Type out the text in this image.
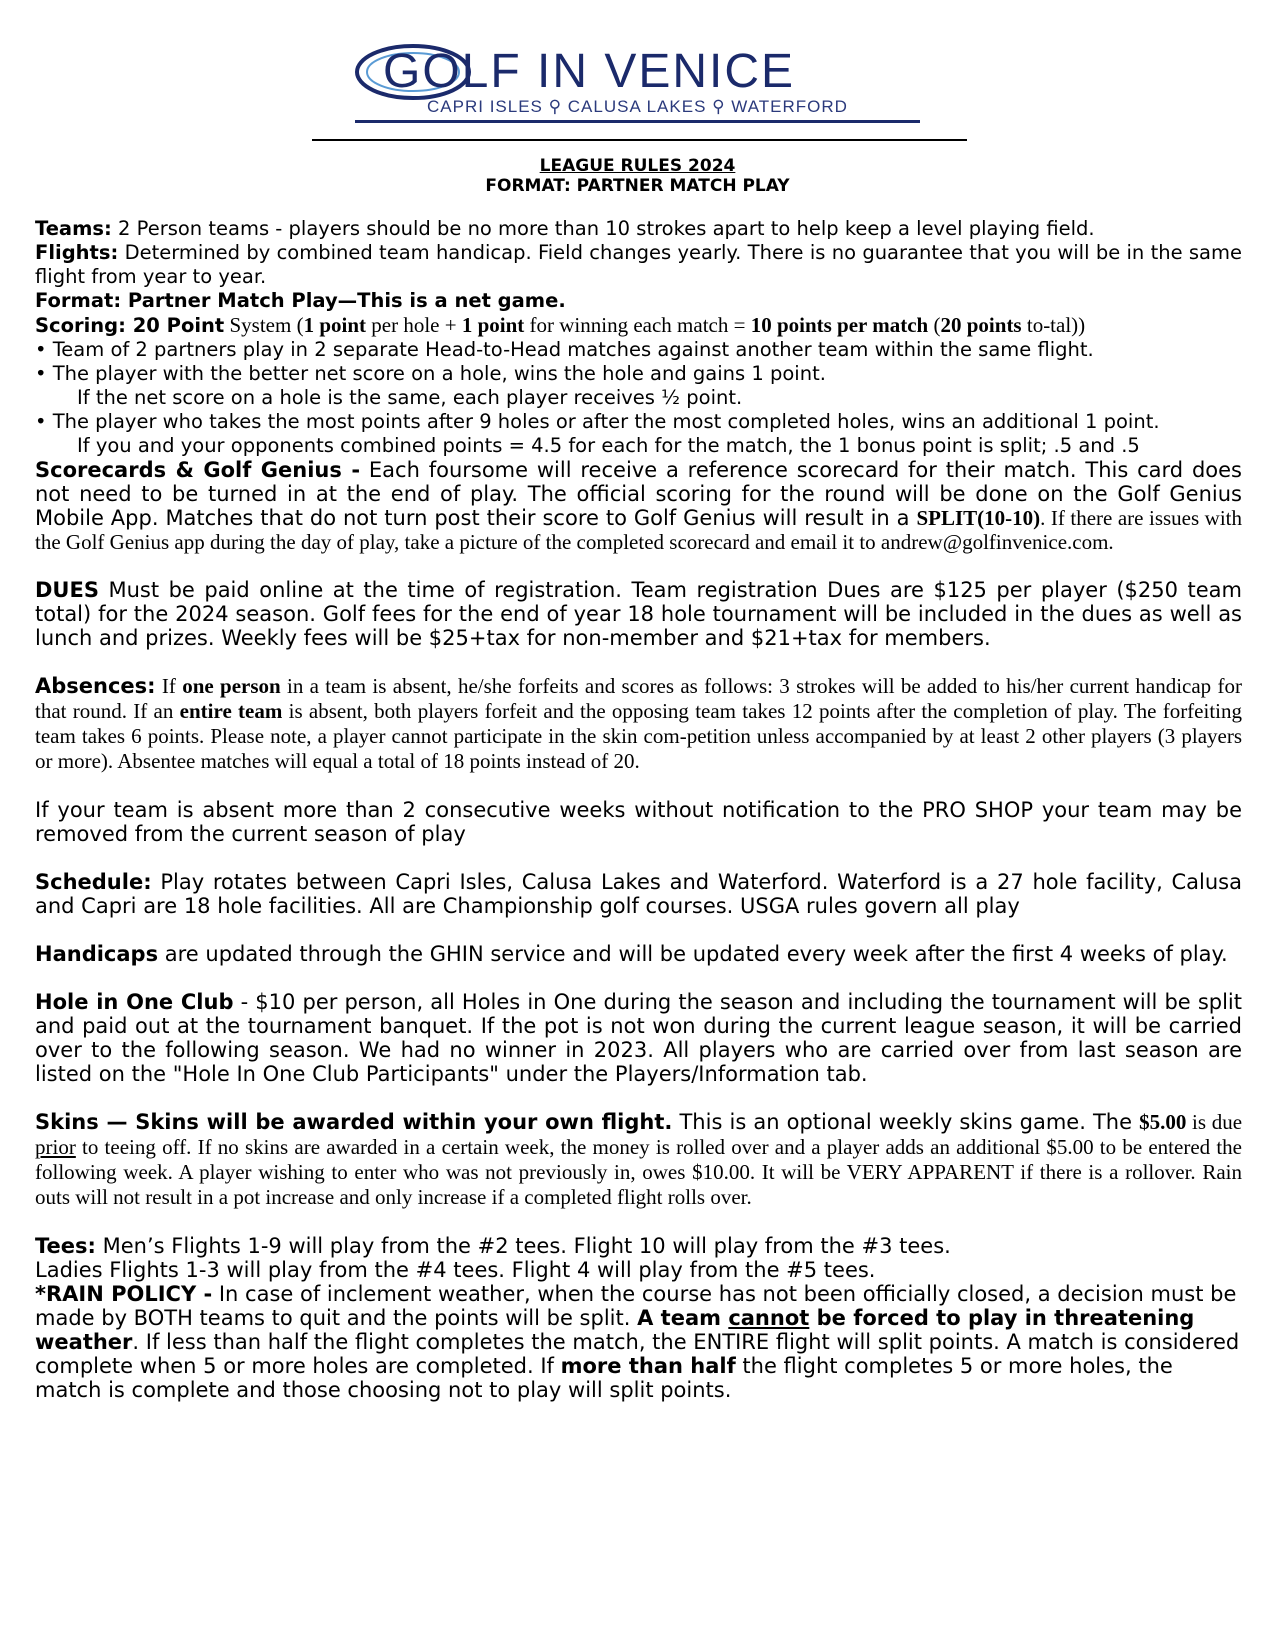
GOLF IN VENICE
CAPRI ISLES ⚲ CALUSA LAKES ⚲ WATERFORD
LEAGUE RULES 2024
FORMAT: PARTNER MATCH PLAY

Teams: 2 Person teams - players should be no more than 10 strokes apart to help keep a level playing field.

Flights: Determined by combined team handicap. Field changes yearly. There is no guarantee that you will be in the same flight from year to year.

Format: Partner Match Play—This is a net game.

Scoring: 20 Point System (1 point per hole + 1 point for winning each match = 10 points per match (20 points to-tal))

• Team of 2 partners play in 2 separate Head-to-Head matches against another team within the same flight.

• The player with the better net score on a hole, wins the hole and gains 1 point.

If the net score on a hole is the same, each player receives ½ point.

• The player who takes the most points after 9 holes or after the most completed holes, wins an additional 1 point.

If you and your opponents combined points = 4.5 for each for the match, the 1 bonus point is split; .5 and .5

Scorecards & Golf Genius - Each foursome will receive a reference scorecard for their match. This card does not need to be turned in at the end of play. The official scoring for the round will be done on the Golf Genius Mobile App. Matches that do not turn post their score to Golf Genius will result in a SPLIT(10-10). If there are issues with the Golf Genius app during the day of play, take a picture of the completed scorecard and email it to andrew@golfinvenice.com.

DUES Must be paid online at the time of registration. Team registration Dues are $125 per player ($250 team total) for the 2024 season. Golf fees for the end of year 18 hole tournament will be included in the dues as well as lunch and prizes. Weekly fees will be $25+tax for non-member and $21+tax for members.

Absences: If one person in a team is absent, he/she forfeits and scores as follows: 3 strokes will be added to his/her current handicap for that round. If an entire team is absent, both players forfeit and the opposing team takes 12 points after the completion of play. The forfeiting team takes 6 points. Please note, a player cannot participate in the skin com-petition unless accompanied by at least 2 other players (3 players or more). Absentee matches will equal a total of 18 points instead of 20.

If your team is absent more than 2 consecutive weeks without notification to the PRO SHOP your team may be removed from the current season of play

Schedule: Play rotates between Capri Isles, Calusa Lakes and Waterford. Waterford is a 27 hole facility, Calusa and Capri are 18 hole facilities. All are Championship golf courses. USGA rules govern all play

Handicaps are updated through the GHIN service and will be updated every week after the first 4 weeks of play.

Hole in One Club - $10 per person, all Holes in One during the season and including the tournament will be split and paid out at the tournament banquet. If the pot is not won during the current league season, it will be carried over to the following season. We had no winner in 2023. All players who are carried over from last season are listed on the "Hole In One Club Participants" under the Players/Information tab.

Skins — Skins will be awarded within your own flight. This is an optional weekly skins game. The $5.00 is due prior to teeing off. If no skins are awarded in a certain week, the money is rolled over and a player adds an additional $5.00 to be entered the following week. A player wishing to enter who was not previously in, owes $10.00. It will be VERY APPARENT if there is a rollover. Rain outs will not result in a pot increase and only increase if a completed flight rolls over.

Tees: Men’s Flights 1-9 will play from the #2 tees. Flight 10 will play from the #3 tees.

Ladies Flights 1-3 will play from the #4 tees. Flight 4 will play from the #5 tees.

*RAIN POLICY - In case of inclement weather, when the course has not been officially closed, a decision must be made by BOTH teams to quit and the points will be split. A team cannot be forced to play in threatening weather. If less than half the flight completes the match, the ENTIRE flight will split points. A match is considered complete when 5 or more holes are completed. If more than half the flight completes 5 or more holes, the match is complete and those choosing not to play will split points.
